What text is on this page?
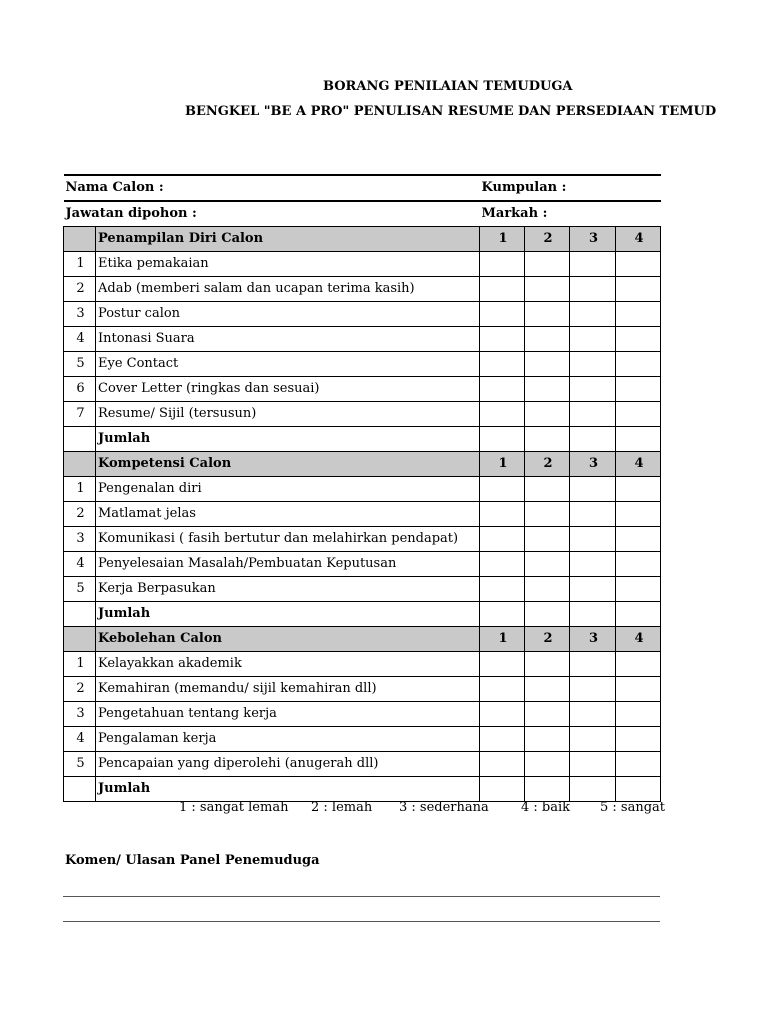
BORANG PENILAIAN TEMUDUGA
BENGKEL "BE A PRO" PENULISAN RESUME DAN PERSEDIAAN TEMUD
Nama Calon :		Kumpulan :			
Jawatan dipohon :		Markah :			
	Penampilan Diri Calon	1	2	3	4
1	Etika pemakaian				
2	Adab (memberi salam dan ucapan terima kasih)				
3	Postur calon				
4	Intonasi Suara				
5	Eye Contact				
6	Cover Letter (ringkas dan sesuai)				
7	Resume/ Sijil (tersusun)				
	Jumlah				
	Kompetensi Calon	1	2	3	4
1	Pengenalan diri				
2	Matlamat jelas				
3	Komunikasi ( fasih bertutur dan melahirkan pendapat)				
4	Penyelesaian Masalah/Pembuatan Keputusan				
5	Kerja Berpasukan				
	Jumlah				
	Kebolehan Calon	1	2	3	4
1	Kelayakkan akademik				
2	Kemahiran (memandu/ sijil kemahiran dll)				
3	Pengetahuan tentang kerja				
4	Pengalaman kerja				
5	Pencapaian yang diperolehi (anugerah dll)				
	Jumlah				
1 : sangat lemah 2 : lemah 3 : sederhana 4 : baik 5 : sangat
Komen/ Ulasan Panel Penemuduga
